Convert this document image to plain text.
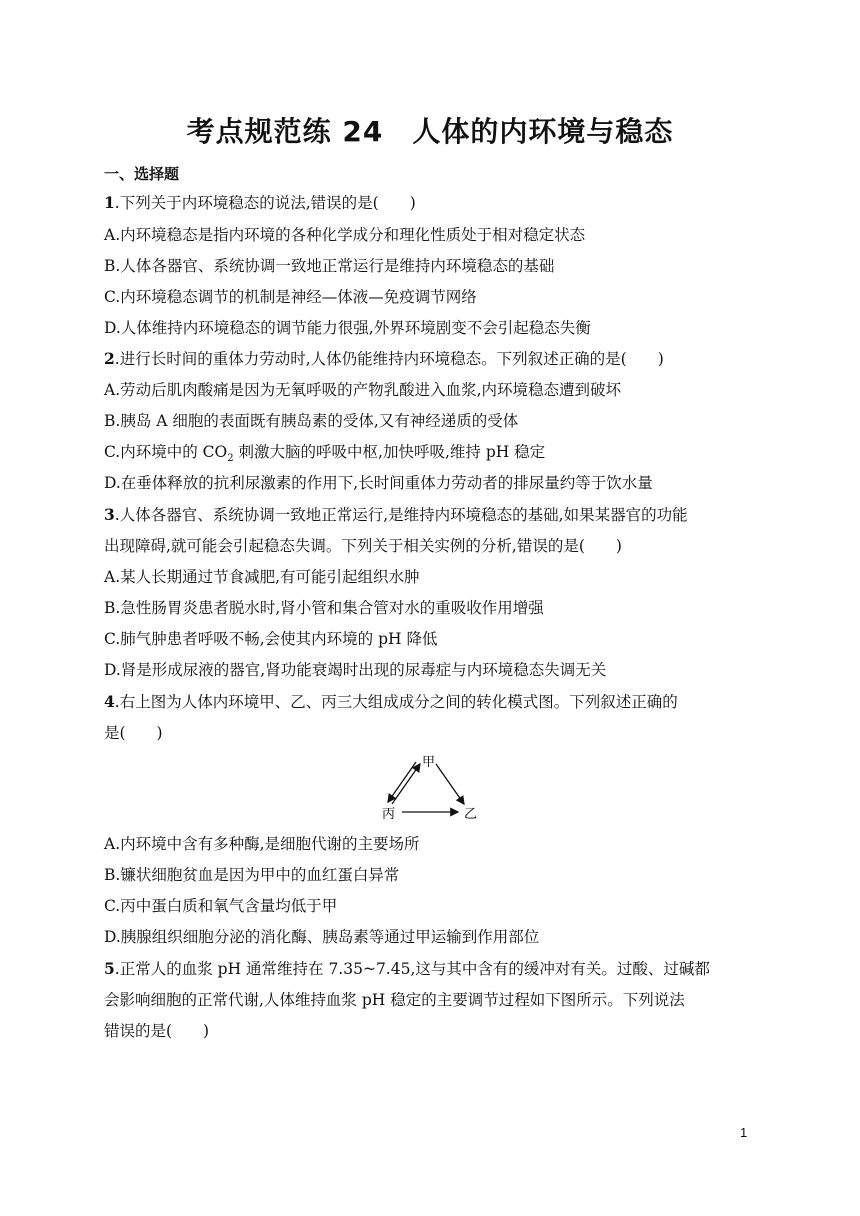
考点规范练 24　人体的内环境与稳态
一、选择题
1.下列关于内环境稳态的说法,错误的是(　　)
A.内环境稳态是指内环境的各种化学成分和理化性质处于相对稳定状态
B.人体各器官、系统协调一致地正常运行是维持内环境稳态的基础
C.内环境稳态调节的机制是神经—体液—免疫调节网络
D.人体维持内环境稳态的调节能力很强,外界环境剧变不会引起稳态失衡
2.进行长时间的重体力劳动时,人体仍能维持内环境稳态。下列叙述正确的是(　　)
A.劳动后肌肉酸痛是因为无氧呼吸的产物乳酸进入血浆,内环境稳态遭到破坏
B.胰岛 A 细胞的表面既有胰岛素的受体,又有神经递质的受体
C.内环境中的 $CO_2$ 刺激大脑的呼吸中枢,加快呼吸,维持 pH 稳定
D.在垂体释放的抗利尿激素的作用下,长时间重体力劳动者的排尿量约等于饮水量
3.人体各器官、系统协调一致地正常运行,是维持内环境稳态的基础,如果某器官的功能
出现障碍,就可能会引起稳态失调。下列关于相关实例的分析,错误的是(　　)
A.某人长期通过节食减肥,有可能引起组织水肿
B.急性肠胃炎患者脱水时,肾小管和集合管对水的重吸收作用增强
C.肺气肿患者呼吸不畅,会使其内环境的 pH 降低
D.肾是形成尿液的器官,肾功能衰竭时出现的尿毒症与内环境稳态失调无关
4.右上图为人体内环境甲、乙、丙三大组成成分之间的转化模式图。下列叙述正确的
是(　　)
甲
丙	乙
A.内环境中含有多种酶,是细胞代谢的主要场所
B.镰状细胞贫血是因为甲中的血红蛋白异常
C.丙中蛋白质和氧气含量均低于甲
D.胰腺组织细胞分泌的消化酶、胰岛素等通过甲运输到作用部位
5.正常人的血浆 pH 通常维持在 7.35~7.45,这与其中含有的缓冲对有关。过酸、过碱都
会影响细胞的正常代谢,人体维持血浆 pH 稳定的主要调节过程如下图所示。下列说法
错误的是(　　)
1
